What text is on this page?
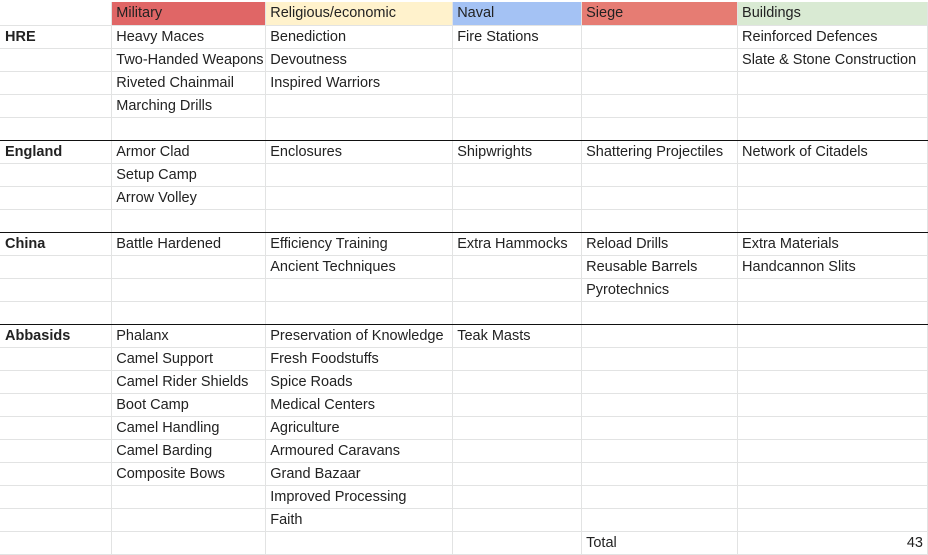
	Military	Religious/economic	Naval	Siege	Buildings
HRE	Heavy Maces	Benediction	Fire Stations		Reinforced Defences
	Two-Handed Weapons	Devoutness			Slate & Stone Construction
	Riveted Chainmail	Inspired Warriors			
	Marching Drills				

England	Armor Clad	Enclosures	Shipwrights	Shattering Projectiles	Network of Citadels
	Setup Camp				
	Arrow Volley				

China	Battle Hardened	Efficiency Training	Extra Hammocks	Reload Drills	Extra Materials
		Ancient Techniques		Reusable Barrels	Handcannon Slits
				Pyrotechnics	

Abbasids	Phalanx	Preservation of Knowledge	Teak Masts		
	Camel Support	Fresh Foodstuffs			
	Camel Rider Shields	Spice Roads			
	Boot Camp	Medical Centers			
	Camel Handling	Agriculture			
	Camel Barding	Armoured Caravans			
	Composite Bows	Grand Bazaar			
		Improved Processing			
		Faith			
				Total	43
